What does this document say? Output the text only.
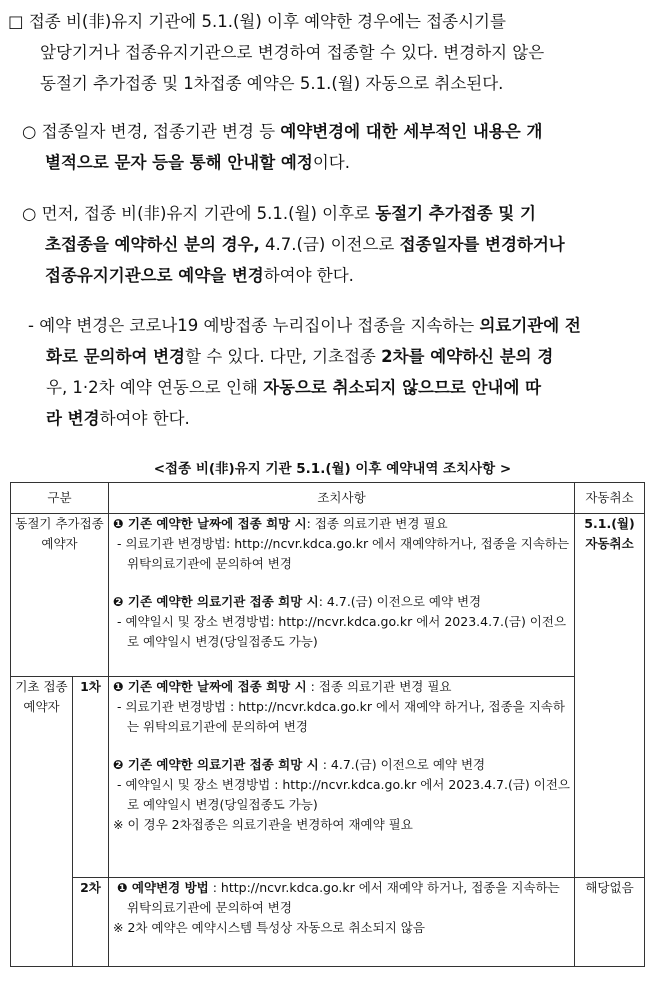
□ 접종 비(非)유지 기관에 5.1.(월) 이후 예약한 경우에는 접종시기를
앞당기거나 접종유지기관으로 변경하여 접종할 수 있다. 변경하지 않은
동절기 추가접종 및 1차접종 예약은 5.1.(월) 자동으로 취소된다.
○ 접종일자 변경, 접종기관 변경 등 예약변경에 대한 세부적인 내용은 개
별적으로 문자 등을 통해 안내할 예정이다.
○ 먼저, 접종 비(非)유지 기관에 5.1.(월) 이후로 동절기 추가접종 및 기
초접종을 예약하신 분의 경우, 4.7.(금) 이전으로 접종일자를 변경하거나
접종유지기관으로 예약을 변경하여야 한다.
- 예약 변경은 코로나19 예방접종 누리집이나 접종을 지속하는 의료기관에 전
화로 문의하여 변경할 수 있다. 다만, 기초접종 2차를 예약하신 분의 경
우, 1·2차 예약 연동으로 인해 자동으로 취소되지 않으므로 안내에 따
라 변경하여야 한다.
<접종 비(非)유지 기관 5.1.(월) 이후 예약내역 조치사항 >
구분		조치사항	자동취소
동절기 추가접종 예약자		❶ 기존 예약한 날짜에 접종 희망 시: 접종 의료기관 변경 필요

- 의료기관 변경방법: http://ncvr.kdca.go.kr 에서 재예약하거나, 접종을 지속하는 위탁의료기관에 문의하여 변경

❷ 기존 예약한 의료기관 접종 희망 시: 4.7.(금) 이전으로 예약 변경

- 예약일시 및 장소 변경방법: http://ncvr.kdca.go.kr 에서 2023.4.7.(금) 이전으로 예약일시 변경(당일접종도 가능)	5.1.(월) 자동취소
기초 접종 예약자	1차	❶ 기존 예약한 날짜에 접종 희망 시 : 접종 의료기관 변경 필요

- 의료기관 변경방법 : http://ncvr.kdca.go.kr 에서 재예약 하거나, 접종을 지속하는 위탁의료기관에 문의하여 변경

❷ 기존 예약한 의료기관 접종 희망 시 : 4.7.(금) 이전으로 예약 변경

- 예약일시 및 장소 변경방법 : http://ncvr.kdca.go.kr 에서 2023.4.7.(금) 이전으로 예약일시 변경(당일접종도 가능)

※ 이 경우 2차접종은 의료기관을 변경하여 재예약 필요	

	2차	❶ 예약변경 방법 : http://ncvr.kdca.go.kr 에서 재예약 하거나, 접종을 지속하는 위탁의료기관에 문의하여 변경

※ 2차 예약은 예약시스템 특성상 자동으로 취소되지 않음	해당없음
